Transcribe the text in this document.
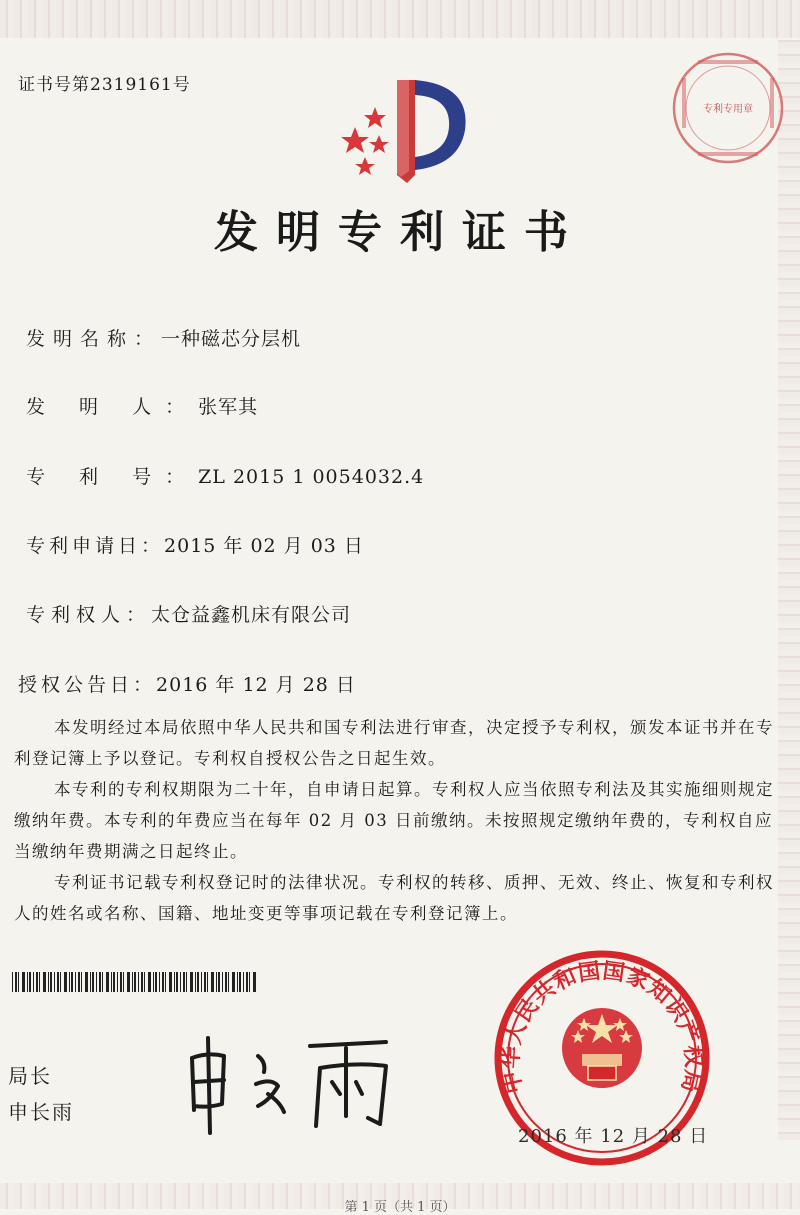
证书号第2319161号
发明专利证书
发明名称：一种磁芯分层机
发 明 人：张军其
专 利 号：ZL 2015 1 0054032.4
专利申请日：2015 年 02 月 03 日
专利权人：太仓益鑫机床有限公司
授权公告日：2016 年 12 月 28 日

本发明经过本局依照中华人民共和国专利法进行审查，决定授予专利权，颁发本证书并在专利登记簿上予以登记。专利权自授权公告之日起生效。

本专利的专利权期限为二十年，自申请日起算。专利权人应当依照专利法及其实施细则规定缴纳年费。本专利的年费应当在每年 02 月 03 日前缴纳。未按照规定缴纳年费的，专利权自应当缴纳年费期满之日起终止。

专利证书记载专利权登记时的法律状况。专利权的转移、质押、无效、终止、恢复和专利权人的姓名或名称、国籍、地址变更等事项记载在专利登记簿上。

局长
申长雨
中华人民共和国国家知识产权局
2016 年 12 月 28 日
专利专用章
第 1 页（共 1 页）
